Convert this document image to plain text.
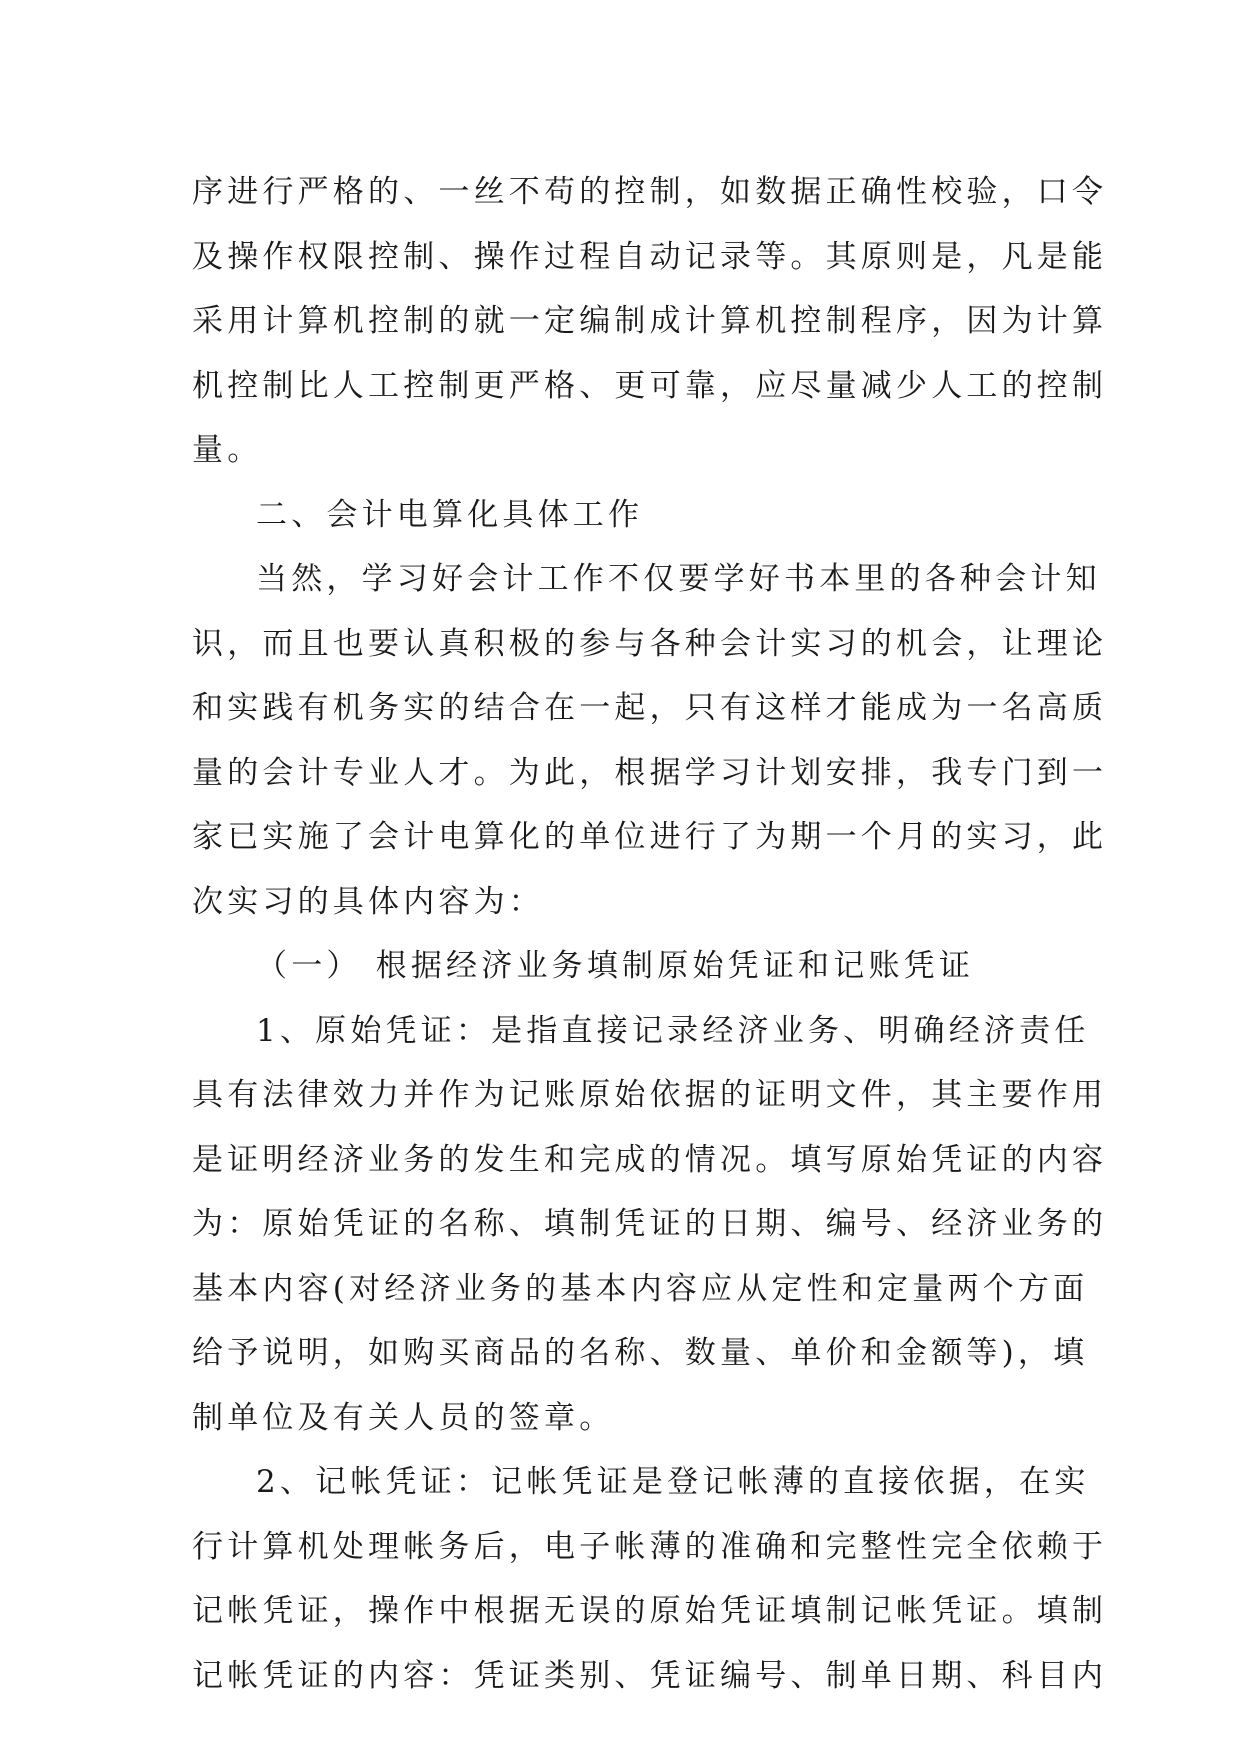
序进行严格的、一丝不苟的控制，如数据正确性校验，口令
及操作权限控制、操作过程自动记录等。其原则是，凡是能
采用计算机控制的就一定编制成计算机控制程序，因为计算
机控制比人工控制更严格、更可靠，应尽量减少人工的控制
量。
二、会计电算化具体工作
当然，学习好会计工作不仅要学好书本里的各种会计知
识，而且也要认真积极的参与各种会计实习的机会，让理论
和实践有机务实的结合在一起，只有这样才能成为一名高质
量的会计专业人才。为此，根据学习计划安排，我专门到一
家已实施了会计电算化的单位进行了为期一个月的实习，此
次实习的具体内容为：
（一） 根据经济业务填制原始凭证和记账凭证
1、原始凭证：是指直接记录经济业务、明确经济责任
具有法律效力并作为记账原始依据的证明文件，其主要作用
是证明经济业务的发生和完成的情况。填写原始凭证的内容
为：原始凭证的名称、填制凭证的日期、编号、经济业务的
基本内容(对经济业务的基本内容应从定性和定量两个方面
给予说明，如购买商品的名称、数量、单价和金额等)，填
制单位及有关人员的签章。
2、记帐凭证：记帐凭证是登记帐薄的直接依据，在实
行计算机处理帐务后，电子帐薄的准确和完整性完全依赖于
记帐凭证，操作中根据无误的原始凭证填制记帐凭证。填制
记帐凭证的内容：凭证类别、凭证编号、制单日期、科目内
